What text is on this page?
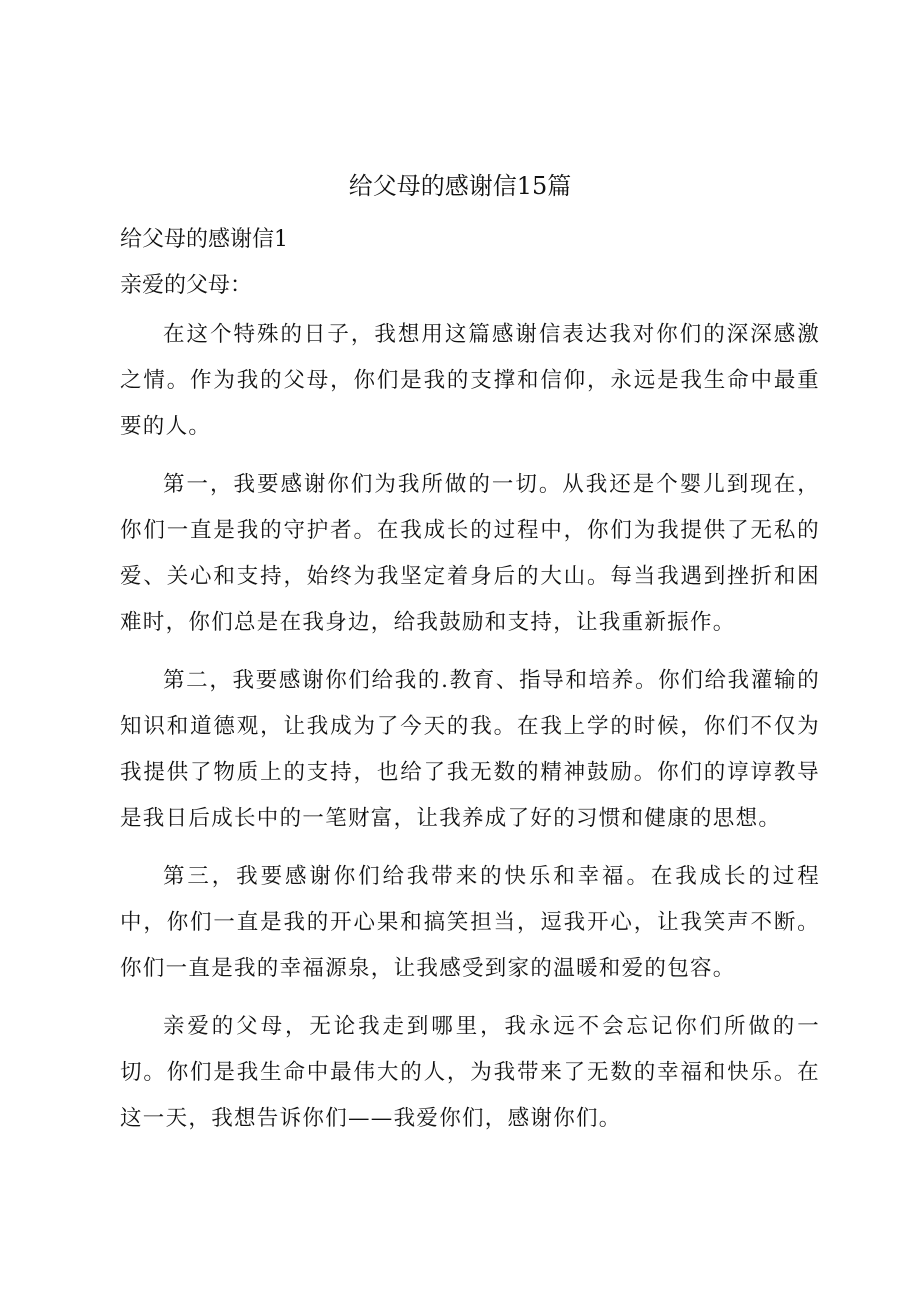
给父母的感谢信15篇

给父母的感谢信1

亲爱的父母：

在这个特殊的日子，我想用这篇感谢信表达我对你们的深深感激之情。作为我的父母，你们是我的支撑和信仰，永远是我生命中最重要的人。

第一，我要感谢你们为我所做的一切。从我还是个婴儿到现在，你们一直是我的守护者。在我成长的过程中，你们为我提供了无私的爱、关心和支持，始终为我坚定着身后的大山。每当我遇到挫折和困难时，你们总是在我身边，给我鼓励和支持，让我重新振作。

第二，我要感谢你们给我的.教育、指导和培养。你们给我灌输的知识和道德观，让我成为了今天的我。在我上学的时候，你们不仅为我提供了物质上的支持，也给了我无数的精神鼓励。你们的谆谆教导是我日后成长中的一笔财富，让我养成了好的习惯和健康的思想。

第三，我要感谢你们给我带来的快乐和幸福。在我成长的过程中，你们一直是我的开心果和搞笑担当，逗我开心，让我笑声不断。你们一直是我的幸福源泉，让我感受到家的温暖和爱的包容。

亲爱的父母，无论我走到哪里，我永远不会忘记你们所做的一切。你们是我生命中最伟大的人，为我带来了无数的幸福和快乐。在这一天，我想告诉你们——我爱你们，感谢你们。
